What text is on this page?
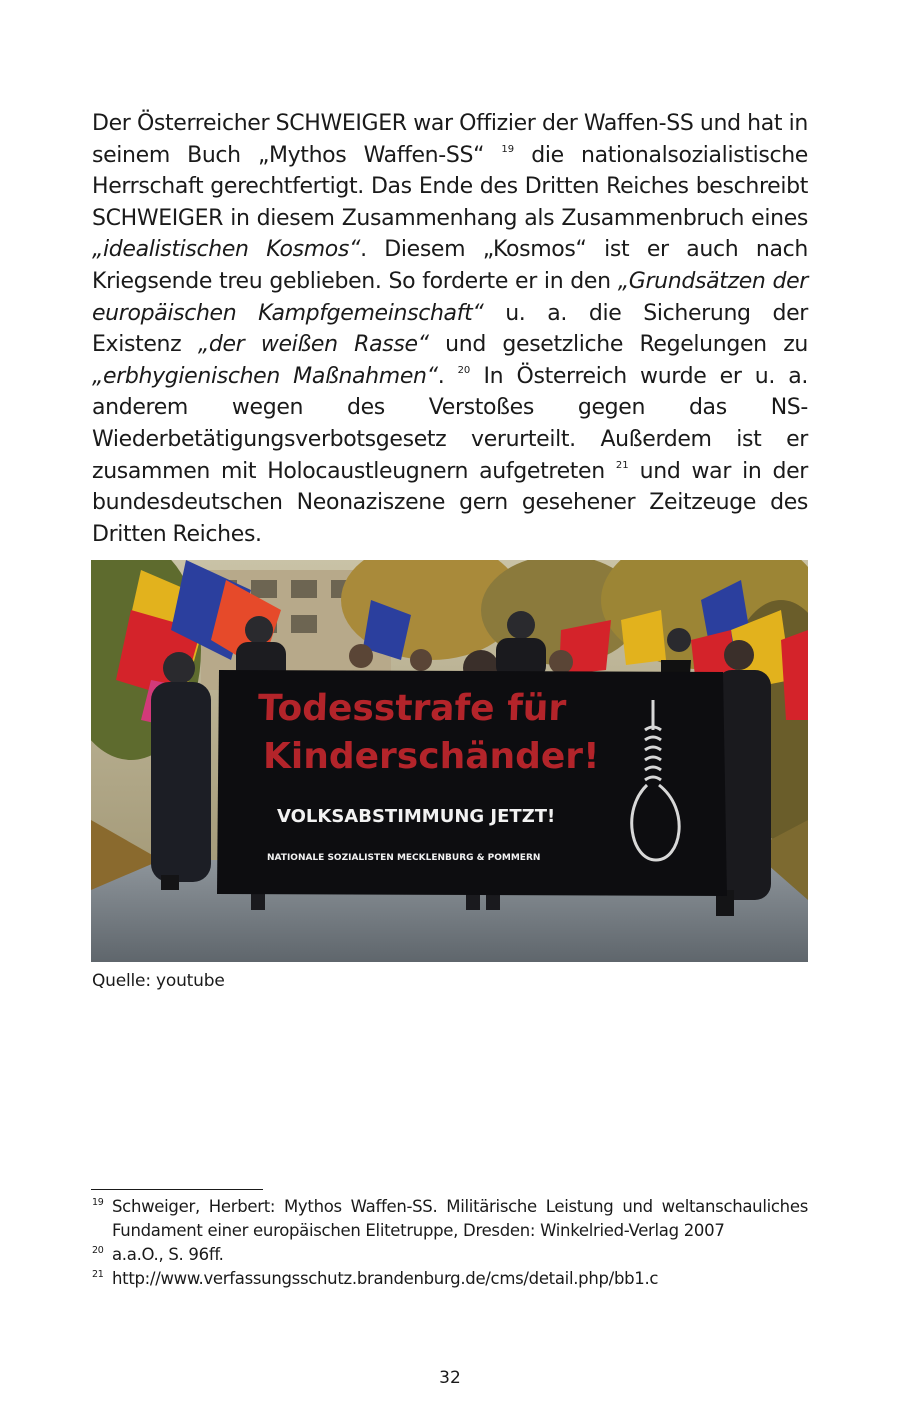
Der Österreicher SCHWEIGER war Offizier der Waffen-SS und hat in seinem Buch „Mythos Waffen-SS“ $^{19}$ die nationalsozialistische Herrschaft gerechtfertigt. Das Ende des Dritten Reiches beschreibt SCHWEIGER in diesem Zusammenhang als Zusammenbruch eines „idealistischen Kosmos“. Diesem „Kosmos“ ist er auch nach Kriegsende treu geblieben. So forderte er in den „Grundsätzen der europäischen Kampfgemeinschaft“ u. a. die Sicherung der Existenz „der weißen Rasse“ und gesetzliche Regelungen zu „erbhygienischen Maßnahmen“. $^{20}$ In Österreich wurde er u. a. anderem wegen des Verstoßes gegen das NS-Wiederbetätigungsverbotsgesetz verurteilt. Außerdem ist er zusammen mit Holocaustleugnern aufgetreten $^{21}$ und war in der bundesdeutschen Neonaziszene gern gesehener Zeitzeuge des Dritten Reiches.
Todesstrafe für
Kinderschänder!
VOLKSABSTIMMUNG JETZT!
NATIONALE SOZIALISTEN MECKLENBURG & POMMERN
Quelle: youtube
19 Schweiger, Herbert: Mythos Waffen-SS. Militärische Leistung und weltanschauliches Fundament einer europäischen Elitetruppe, Dresden: Winkelried-Verlag 2007
20 a.a.O., S. 96ff.
21 http://www.verfassungsschutz.brandenburg.de/cms/detail.php/bb1.c
32
